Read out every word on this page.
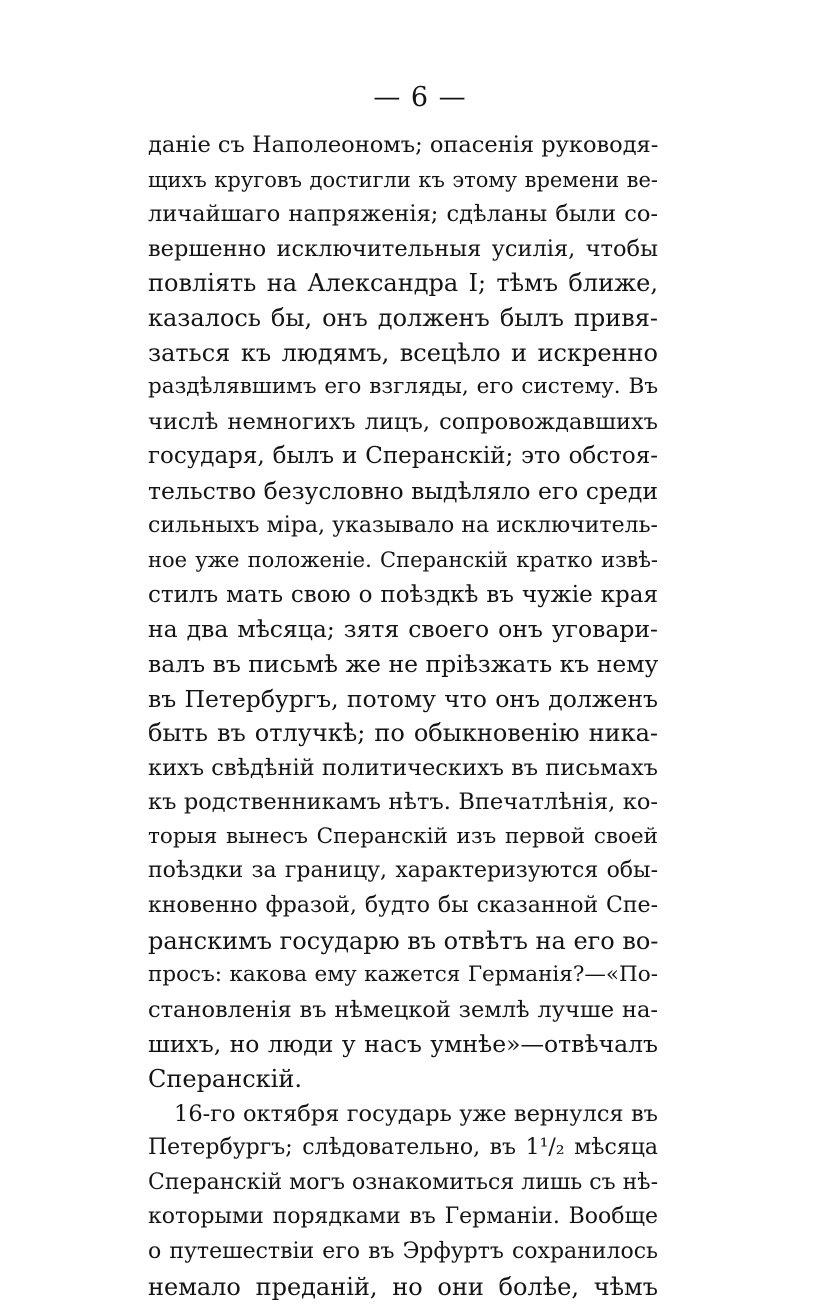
— 6 —
даніе съ Наполеономъ; опасенія руководя-
щихъ круговъ достигли къ этому времени ве-
личайшаго напряженія; сдѣланы были со-
вершенно исключительныя усилія, чтобы
повліять на Александра I; тѣмъ ближе,
казалось бы, онъ долженъ былъ привя-
заться къ людямъ, всецѣло и искренно
раздѣлявшимъ его взгляды, его систему. Въ
числѣ немногихъ лицъ, сопровождавшихъ
государя, былъ и Сперанскій; это обстоя-
тельство безусловно выдѣляло его среди
сильныхъ міра, указывало на исключитель-
ное уже положеніе. Сперанскій кратко извѣ-
стилъ мать свою о поѣздкѣ въ чужіе края
на два мѣсяца; зятя своего онъ уговари-
валъ въ письмѣ же не пріѣзжать къ нему
въ Петербургъ, потому что онъ долженъ
быть въ отлучкѣ; по обыкновенію ника-
кихъ свѣдѣній политическихъ въ письмахъ
къ родственникамъ нѣтъ. Впечатлѣнія, ко-
торыя вынесъ Сперанскій изъ первой своей
поѣздки за границу, характеризуются обы-
кновенно фразой, будто бы сказанной Спе-
ранскимъ государю въ отвѣтъ на его во-
просъ: какова ему кажется Германія?—«По-
становленія въ нѣмецкой землѣ лучше на-
шихъ, но люди у насъ умнѣе»—отвѣчалъ
Сперанскій.
16-го октября государь уже вернулся въ
Петербургъ; слѣдовательно, въ 1¹/₂ мѣсяца
Сперанскій могъ ознакомиться лишь съ нѣ-
которыми порядками въ Германіи. Вообще
о путешествіи его въ Эрфуртъ сохранилось
немало преданій, но они болѣе, чѣмъ
